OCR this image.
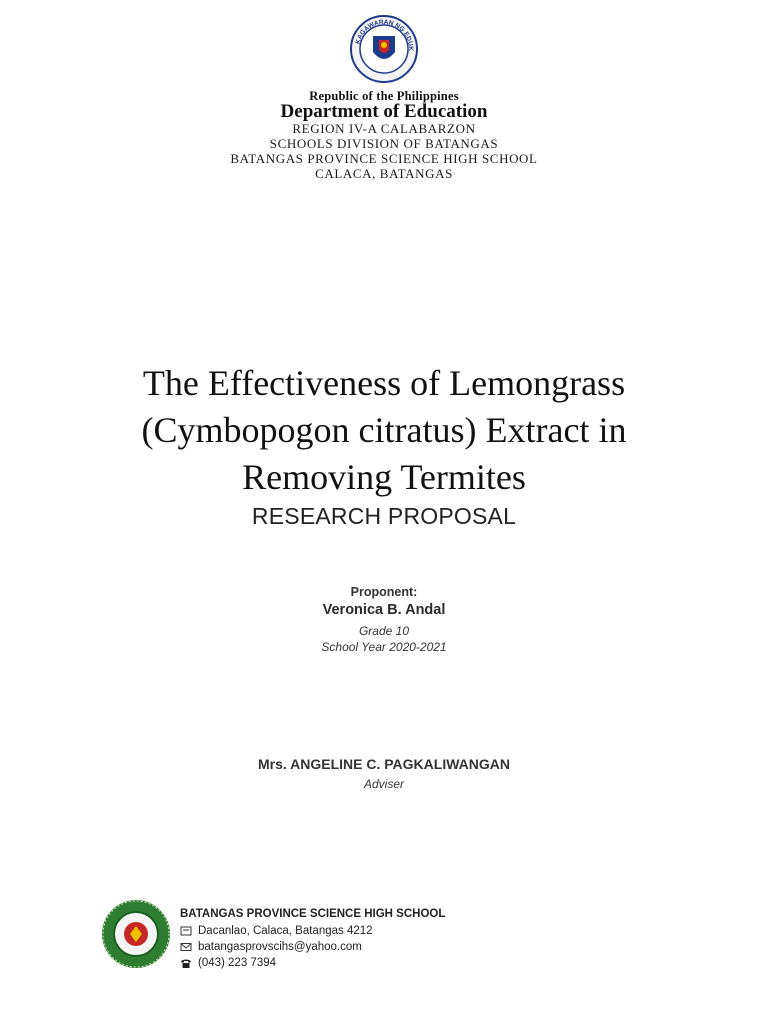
KAGAWARAN NG EDUK
Republic of the Philippines
Department of Education
REGION IV-A CALABARZON
SCHOOLS DIVISION OF BATANGAS
BATANGAS PROVINCE SCIENCE HIGH SCHOOL
CALACA, BATANGAS
The Effectiveness of Lemongrass
(Cymbopogon citratus) Extract in
Removing Termites
RESEARCH PROPOSAL
Proponent:
Veronica B. Andal
Grade 10
School Year 2020-2021
Mrs. ANGELINE C. PAGKALIWANGAN
Adviser
BATANGAS PROVINCE SCIENCE HIGH SCHOOL
Dacanlao, Calaca, Batangas 4212
batangasprovscihs@yahoo.com
(043) 223 7394
